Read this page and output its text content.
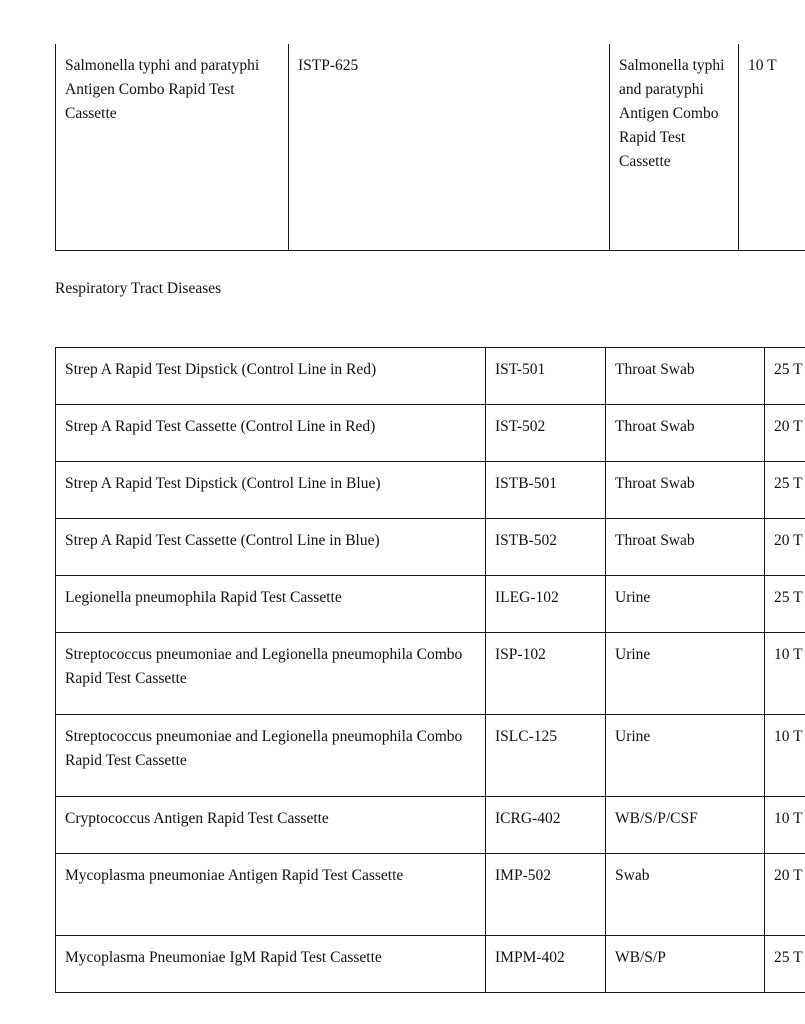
Salmonella typhi and paratyphi Antigen Combo Rapid Test Cassette	ISTP-625	Salmonella typhi and paratyphi Antigen Combo Rapid Test Cassette	10 T
Respiratory Tract Diseases
Strep A Rapid Test Dipstick (Control Line in Red)	IST-501	Throat Swab	25 T
Strep A Rapid Test Cassette (Control Line in Red)	IST-502	Throat Swab	20 T
Strep A Rapid Test Dipstick (Control Line in Blue)	ISTB-501	Throat Swab	25 T
Strep A Rapid Test Cassette (Control Line in Blue)	ISTB-502	Throat Swab	20 T
Legionella pneumophila Rapid Test Cassette	ILEG-102	Urine	25 T
Streptococcus pneumoniae and Legionella pneumophila Combo Rapid Test Cassette	ISP-102	Urine	10 T
Streptococcus pneumoniae and Legionella pneumophila Combo Rapid Test Cassette	ISLC-125	Urine	10 T
Cryptococcus Antigen Rapid Test Cassette	ICRG-402	WB/S/P/CSF	10 T
Mycoplasma pneumoniae Antigen Rapid Test Cassette	IMP-502	Swab	20 T
Mycoplasma Pneumoniae IgM Rapid Test Cassette	IMPM-402	WB/S/P	25 T
